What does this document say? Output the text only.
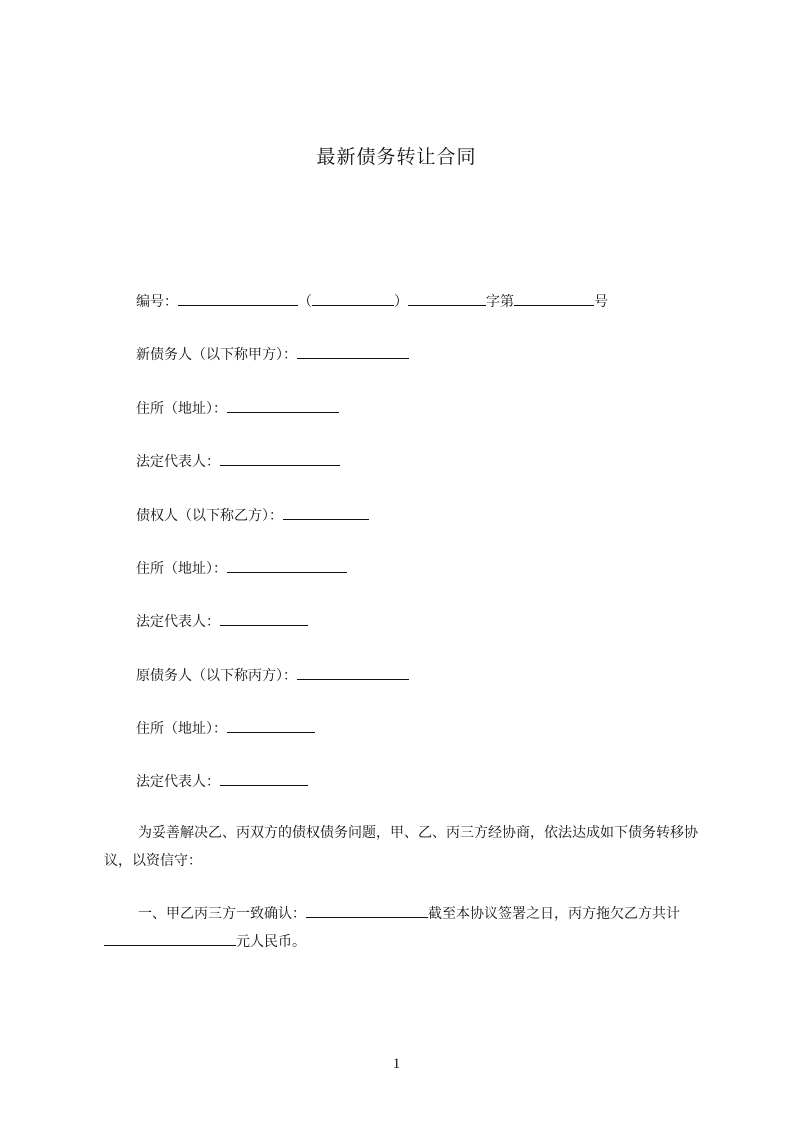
最新债务转让合同
编号：	（	）	字第	号
新债务人（以下称甲方）：
住所（地址）：
法定代表人：
债权人（以下称乙方）：
住所（地址）：
法定代表人：
原债务人（以下称丙方）：
住所（地址）：
法定代表人：
为妥善解决乙、丙双方的债权债务问题，甲、乙、丙三方经协商，依法达成如下债务转移协议，以资信守：
一、甲乙丙三方一致确认：	截至本协议签署之日，丙方拖欠乙方共计元人民币。
1
